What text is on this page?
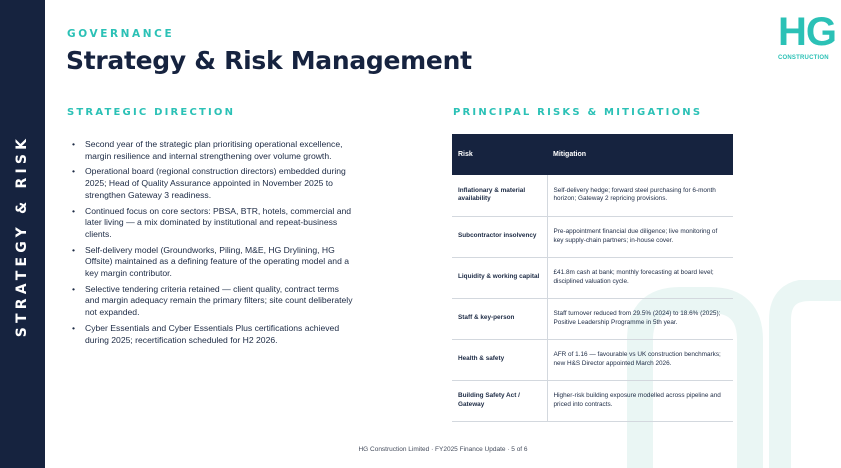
STRATEGY & RISK
GOVERNANCE
Strategy & Risk Management
HG
CONSTRUCTION
STRATEGIC DIRECTION
• Second year of the strategic plan prioritising operational excellence, margin resilience and internal strengthening over volume growth.
• Operational board (regional construction directors) embedded during 2025; Head of Quality Assurance appointed in November 2025 to strengthen Gateway 3 readiness.
• Continued focus on core sectors: PBSA, BTR, hotels, commercial and later living — a mix dominated by institutional and repeat-business clients.
• Self-delivery model (Groundworks, Piling, M&E, HG Drylining, HG Offsite) maintained as a defining feature of the operating model and a key margin contributor.
• Selective tendering criteria retained — client quality, contract terms and margin adequacy remain the primary filters; site count deliberately not expanded.
• Cyber Essentials and Cyber Essentials Plus certifications achieved during 2025; recertification scheduled for H2 2026.
PRINCIPAL RISKS & MITIGATIONS
Risk	Mitigation
Inflationary & material availability	Self-delivery hedge; forward steel purchasing for 6-month horizon; Gateway 2 repricing provisions.
Subcontractor insolvency	Pre-appointment financial due diligence; live monitoring of key supply-chain partners; in-house cover.
Liquidity & working capital	£41.8m cash at bank; monthly forecasting at board level; disciplined valuation cycle.
Staff & key-person	Staff turnover reduced from 29.5% (2024) to 18.6% (2025); Positive Leadership Programme in 5th year.
Health & safety	AFR of 1.16 — favourable vs UK construction benchmarks; new H&S Director appointed March 2026.
Building Safety Act / Gateway	Higher-risk building exposure modelled across pipeline and priced into contracts.
HG Construction Limited · FY2025 Finance Update · 5 of 6
